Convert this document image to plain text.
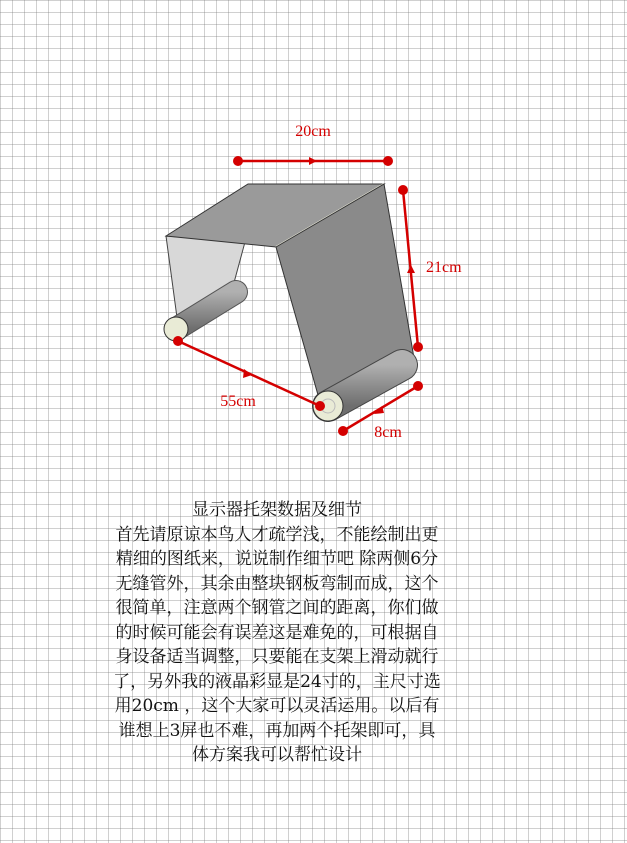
20cm
21cm
55cm
8cm
显示器托架数据及细节
首先请原谅本鸟人才疏学浅，不能绘制出更
精细的图纸来，说说制作细节吧 除两侧6分
无缝管外，其余由整块钢板弯制而成，这个
很简单，注意两个钢管之间的距离，你们做
的时候可能会有误差这是难免的，可根据自
身设备适当调整，只要能在支架上滑动就行
了，另外我的液晶彩显是24寸的，主尺寸选
用20cm ，这个大家可以灵活运用。以后有
谁想上3屏也不难，再加两个托架即可，具
体方案我可以帮忙设计
